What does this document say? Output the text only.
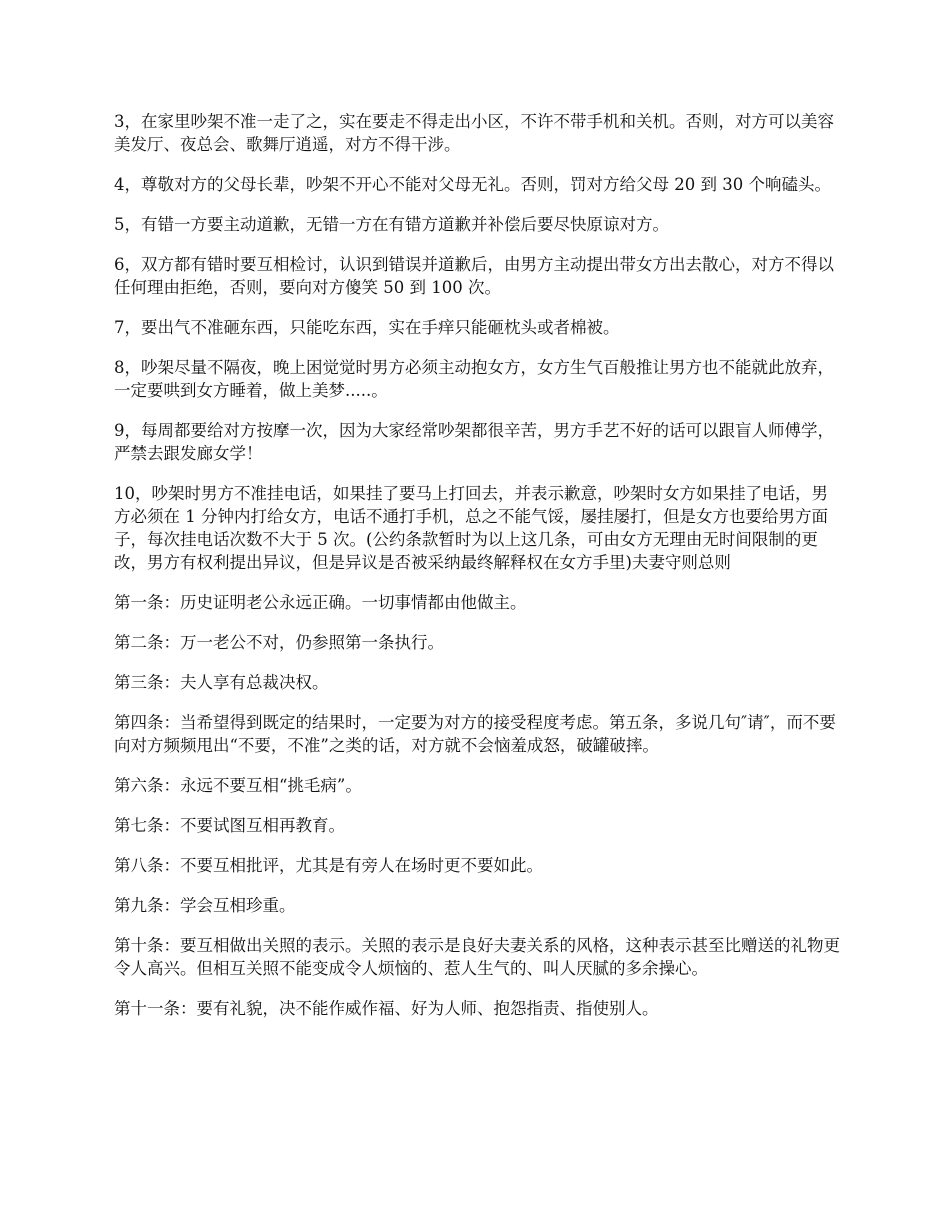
3，在家里吵架不准一走了之，实在要走不得走出小区，不许不带手机和关机。否则，对方可以美容美发厅、夜总会、歌舞厅逍遥，对方不得干涉。

4，尊敬对方的父母长辈，吵架不开心不能对父母无礼。否则，罚对方给父母 20 到 30 个响磕头。

5，有错一方要主动道歉，无错一方在有错方道歉并补偿后要尽快原谅对方。

6，双方都有错时要互相检讨，认识到错误并道歉后，由男方主动提出带女方出去散心，对方不得以任何理由拒绝，否则，要向对方傻笑 50 到 100 次。

7，要出气不准砸东西，只能吃东西，实在手痒只能砸枕头或者棉被。

8，吵架尽量不隔夜，晚上困觉觉时男方必须主动抱女方，女方生气百般推让男方也不能就此放弃，一定要哄到女方睡着，做上美梦.....。

9，每周都要给对方按摩一次，因为大家经常吵架都很辛苦，男方手艺不好的话可以跟盲人师傅学，严禁去跟发廊女学！

10，吵架时男方不准挂电话，如果挂了要马上打回去，并表示歉意，吵架时女方如果挂了电话，男方必须在 1 分钟内打给女方，电话不通打手机，总之不能气馁，屡挂屡打，但是女方也要给男方面子，每次挂电话次数不大于 5 次。(公约条款暂时为以上这几条，可由女方无理由无时间限制的更改，男方有权利提出异议，但是异议是否被采纳最终解释权在女方手里)夫妻守则总则

第一条：历史证明老公永远正确。一切事情都由他做主。

第二条：万一老公不对，仍参照第一条执行。

第三条：夫人享有总裁决权。

第四条：当希望得到既定的结果时，一定要为对方的接受程度考虑。第五条，多说几句″请″，而不要向对方频频甩出“不要，不准”之类的话，对方就不会恼羞成怒，破罐破摔。

第六条：永远不要互相“挑毛病”。

第七条：不要试图互相再教育。

第八条：不要互相批评，尤其是有旁人在场时更不要如此。

第九条：学会互相珍重。

第十条：要互相做出关照的表示。关照的表示是良好夫妻关系的风格，这种表示甚至比赠送的礼物更令人高兴。但相互关照不能变成令人烦恼的、惹人生气的、叫人厌腻的多余操心。

第十一条：要有礼貌，决不能作威作福、好为人师、抱怨指责、指使别人。
